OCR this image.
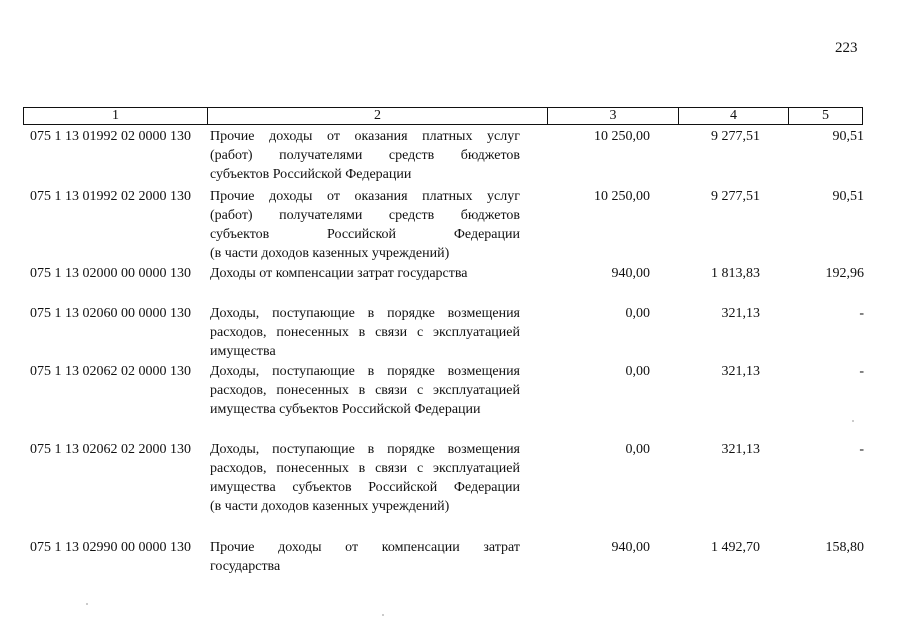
223
1	2	3	4	5
075 1 13 01992 02 0000 130	Прочие доходы от оказания платных услуг
(работ) получателями средств бюджетов
субъектов Российской Федерации
10 250,00	9 277,51	90,51
075 1 13 01992 02 2000 130	Прочие доходы от оказания платных услуг
(работ) получателями средств бюджетов
субъектов Российской Федерации
(в части доходов казенных учреждений)
10 250,00	9 277,51	90,51
075 1 13 02000 00 0000 130	Доходы от компенсации затрат государства	940,00	1 813,83	192,96
075 1 13 02060 00 0000 130	Доходы, поступающие в порядке возмещения
расходов, понесенных в связи с эксплуатацией
имущества
0,00	321,13	-
075 1 13 02062 02 0000 130	Доходы, поступающие в порядке возмещения
расходов, понесенных в связи с эксплуатацией
имущества субъектов Российской Федерации
0,00	321,13	-
075 1 13 02062 02 2000 130	Доходы, поступающие в порядке возмещения
расходов, понесенных в связи с эксплуатацией
имущества субъектов Российской Федерации
(в части доходов казенных учреждений)
0,00	321,13	-
075 1 13 02990 00 0000 130	Прочие доходы от компенсации затрат
государства
940,00	1 492,70	158,80
